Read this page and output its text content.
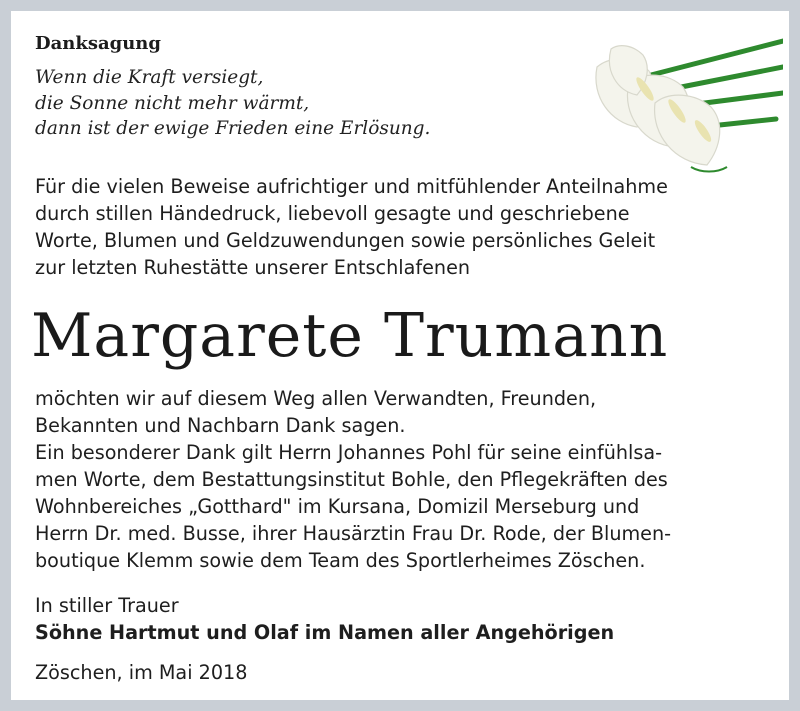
Danksagung
Wenn die Kraft versiegt,
die Sonne nicht mehr wärmt,
dann ist der ewige Frieden eine Erlösung.
Für die vielen Beweise aufrichtiger und mitfühlender Anteilnahme
durch stillen Händedruck, liebevoll gesagte und geschriebene
Worte, Blumen und Geldzuwendungen sowie persönliches Geleit
zur letzten Ruhestätte unserer Entschlafenen
Margarete Trumann
möchten wir auf diesem Weg allen Verwandten, Freunden,
Bekannten und Nachbarn Dank sagen.
Ein besonderer Dank gilt Herrn Johannes Pohl für seine einfühlsa-
men Worte, dem Bestattungsinstitut Bohle, den Pflegekräften des
Wohnbereiches „Gotthard" im Kursana, Domizil Merseburg und
Herrn Dr. med. Busse, ihrer Hausärztin Frau Dr. Rode, der Blumen-
boutique Klemm sowie dem Team des Sportlerheimes Zöschen.
In stiller Trauer
Söhne Hartmut und Olaf im Namen aller Angehörigen
Zöschen, im Mai 2018
